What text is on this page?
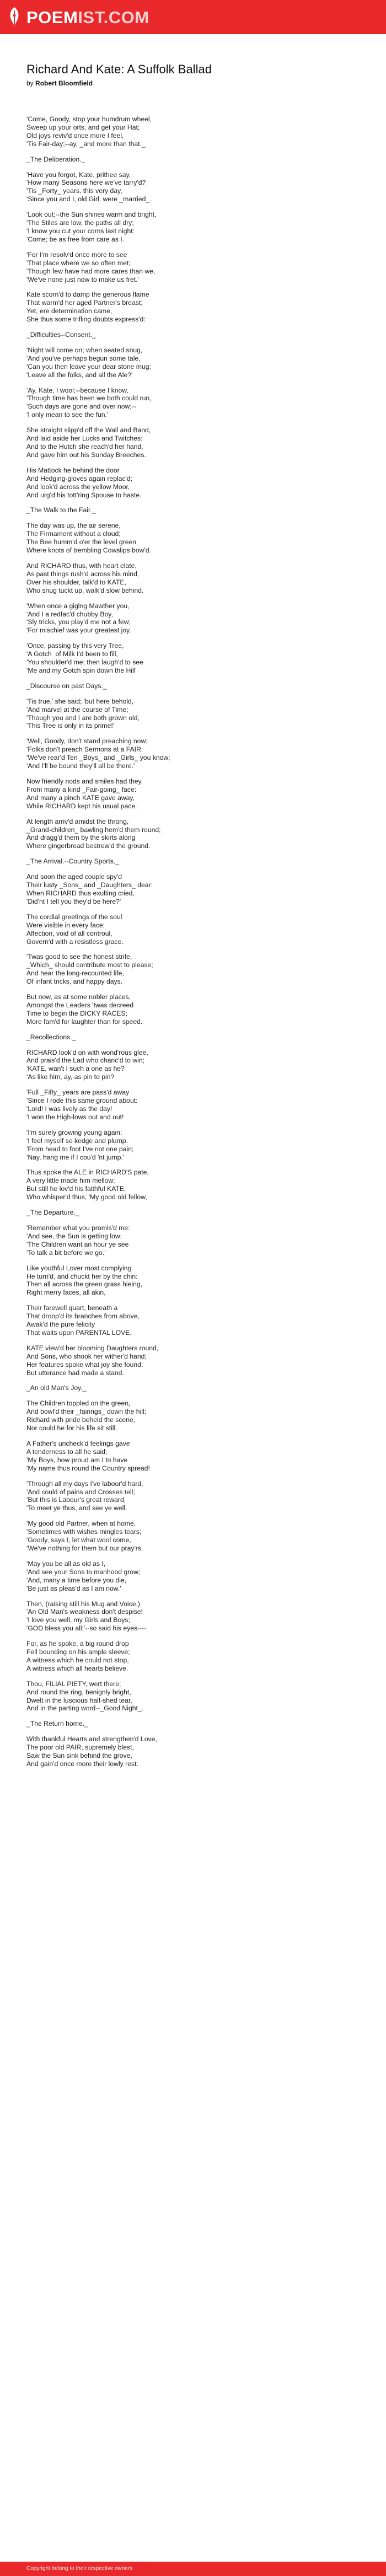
POEMIST.COM
Richard And Kate: A Suffolk Ballad
by Robert Bloomfield
'Come, Goody, stop your humdrum wheel,
Sweep up your orts, and get your Hat;
Old joys reviv'd once more I feel,
'Tis Fair-day;--ay, _and more than that._
_The Deliberation._
'Have you forgot, Kate, prithee say,
'How many Seasons here we've tarry'd?
'Tis _Forty_ years, this very day,
'Since you and I, old Girl, were _married_.
'Look out;--the Sun shines warm and bright,
'The Stiles are low, the paths all dry;
'I know you cut your corns last night:
'Come; be as free from care as I.
'For I'm resolv'd once more to see
'That place where we so often met;
'Though few have had more cares than we,
'We've none just now to make us fret.'
Kate scorn'd to damp the generous flame
That warm'd her aged Partner's breast;
Yet, ere determination came,
She thus some trifling doubts express'd:
_Difficulties--Consent._
'Night will come on; when seated snug,
'And you've perhaps begun some tale,
'Can you then leave your dear stone mug;
'Leave all the folks, and all the Ale?'
'Ay, Kate, I wool;--because I know,
'Though time has been we both could run,
'Such days are gone and over now;--
'I only mean to see the fun.'
She straight slipp'd off the Wall and Band,
And laid aside her Lucks and Twitches:
And to the Hutch she reach'd her hand,
And gave him out his Sunday Breeches.
His Mattock he behind the door
And Hedging-gloves again replac'd;
And look'd across the yellow Moor,
And urg'd his tott'ring Spouse to haste.
_The Walk to the Fair._
The day was up, the air serene,
The Firmament without a cloud;
The Bee humm'd o'er the level green
Where knots of trembling Cowslips bow'd.
And RICHARD thus, with heart elate,
As past things rush'd across his mind,
Over his shoulder, talk'd to KATE,
Who snug tuckt up, walk'd slow behind.
'When once a giglng Mawther you,
'And I a redfac'd chubby Boy,
'Sly tricks, you play'd me not a few;
'For mischief was your greatest joy.
'Once, passing by this very Tree,
'A Gotch  of Milk I'd been to fill,
'You shoulder'd me; then laugh'd to see
'Me and my Gotch spin down the Hill'
_Discourse on past Days._
'Tis true,' she said; 'but here behold,
'And marvel at the course of Time;
'Though you and I are both grown old,
'This Tree is only in its prime!'
'Well, Goody, don't stand preaching now;
'Folks don't preach Sermons at a FAIR:
'We've rear'd Ten _Boys_ and _Girls_ you know;
'And I'll be bound they'll all be there.'
Now friendly nods and smiles had they,
From many a kind _Fair-going_ face:
And many a pinch KATE gave away,
While RICHARD kept his usual pace.
At length arriv'd amidst the throng,
_Grand-children_ bawling hem'd them round;
And dragg'd them by the skirts along
Where gingerbread bestrew'd the ground.
_The Arrival.--Country Sports._
And soon the aged couple spy'd
Their lusty _Sons_ and _Daughters_ dear:
When RICHARD thus exulting cried,
'Did'nt I tell you they'd be here?'
The cordial greetings of the soul
Were visible in every face;
Affection, void of all controul,
Govern'd with a resistless grace.
'Twas good to see the honest strife,
_Which_ should contribute most to please;
And hear the long-recounted life,
Of infant tricks, and happy days.
But now, as at some nobler places,
Amongst the Leaders 'twas decreed
Time to begin the DICKY RACES;
More fam'd for laughter than for speed.
_Recollections._
RICHARD look'd on with wond'rous glee,
And prais'd the Lad who chanc'd to win;
'KATE, wan't I such a one as he?
'As like him, ay, as pin to pin?
'Full _Fifty_ years are pass'd away
'Since I rode this same ground about:
'Lord! I was lively as the day!
'I won the High-lows out and out!
'I'm surely growing young again:
'I feel myself so kedge and plump.
'From head to foot I've not one pain;
'Nay, hang me if I cou'd 'nt jump.'
Thus spoke the ALE in RICHARD'S pate,
A very little made him mellow;
But still he lov'd his faithful KATE,
Who whisper'd thus, 'My good old fellow,
_The Departure._
'Remember what you promis'd me:
'And see, the Sun is getting low;
'The Children want an hour ye see
'To talk a bit before we go.'
Like youthful Lover most complying
He turn'd, and chuckt her by the chin:
Then all across the green grass hieing,
Right merry faces, all akin,
Their farewell quart, beneath a
That droop'd its branches from above,
Awak'd the pure felicity
That waits upon PARENTAL LOVE.
KATE view'd her blooming Daughters round,
And Sons, who shook her wither'd hand;
Her features spoke what joy she found;
But utterance had made a stand.
_An old Man's Joy._
The Children toppled on the green,
And bowl'd their _fairings_ down the hill;
Richard with pride beheld the scene,
Nor could he for his life sit still.
A Father's uncheck'd feelings gave
A tenderness to all he said;
'My Boys, how proud am I to have
'My name thus round the Country spread!
'Through all my days I've labour'd hard,
'And could of pains and Crosses tell;
'But this is Labour's great reward,
'To meet ye thus, and see ye well.
'My good old Partner, when at home,
'Sometimes with wishes mingles tears;
'Goody, says I, let what wool come,
'We've nothing for them but our pray'rs.
'May you be all as old as I,
'And see your Sons to manhood grow;
'And, many a time before you die,
'Be just as pleas'd as I am now.'
Then, (raising still his Mug and Voice,)
'An Old Man's weakness don't despise!
'I love you well, my Girls and Boys;
'GOD bless you all;'--so said his eyes----
For, as he spoke, a big round drop
Fell bounding on his ample sleeve;
A witness which he could not stop,
A witness which all hearts believe.
Thou, FILIAL PIETY, wert there;
And round the ring, benignly bright,
Dwelt in the luscious half-shed tear,
And in the parting word--_Good Night_.
_The Return home._
With thankful Hearts and strengthen'd Love,
The poor old PAIR, supremely blest,
Saw the Sun sink behind the grove,
And gain'd once more their lowly rest.
Copyright belong to their respective owners
